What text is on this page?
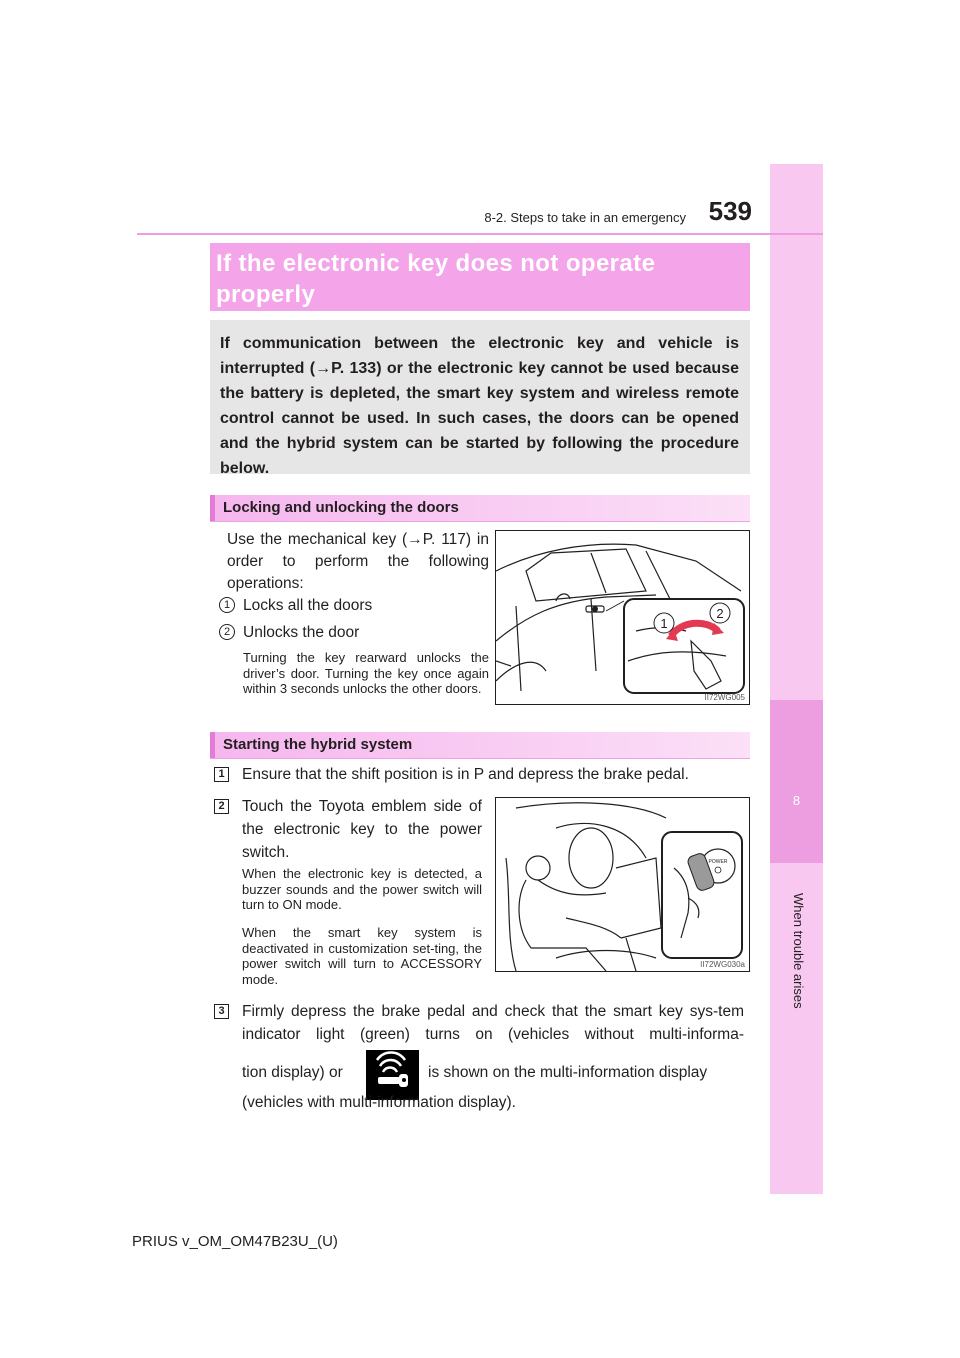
8
When trouble arises
8-2. Steps to take in an emergency 539
If the electronic key does not operate properly
If communication between the electronic key and vehicle is interrupted (→P. 133) or the electronic key cannot be used because the battery is depleted, the smart key system and wireless remote control cannot be used. In such cases, the doors can be opened and the hybrid system can be started by following the procedure below.
Locking and unlocking the doors
Use the mechanical key (→P. 117) in order to perform the following operations:
1 Locks all the doors
2 Unlocks the door
Turning the key rearward unlocks the driver’s door. Turning the key once again within 3 seconds unlocks the other doors.
1
2
II72WG005
Starting the hybrid system
1 Ensure that the shift position is in P and depress the brake pedal.
2 Touch the Toyota emblem side of the electronic key to the power switch.
When the electronic key is detected, a buzzer sounds and the power switch will turn to ON mode.
When the smart key system is deactivated in customization set-ting, the power switch will turn to ACCESSORY mode.
POWER
II72WG030a
3 Firmly depress the brake pedal and check that the smart key sys-tem indicator light (green) turns on (vehicles without multi-informa-
tion display) or	is shown on the multi-information display
(vehicles with multi-information display).
PRIUS v_OM_OM47B23U_(U)
